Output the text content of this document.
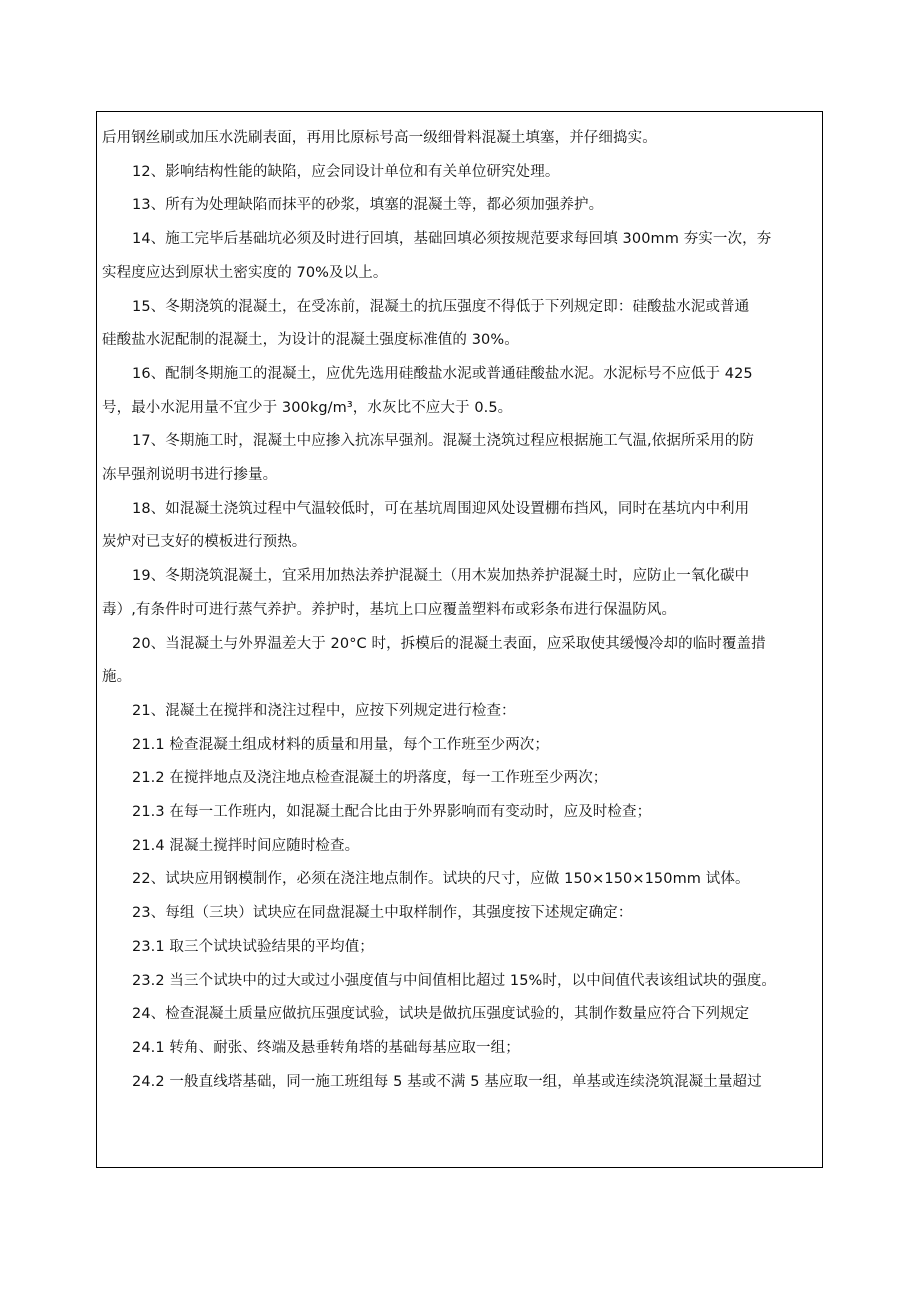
后用钢丝刷或加压水洗刷表面，再用比原标号高一级细骨料混凝土填塞，并仔细捣实。

12、影响结构性能的缺陷，应会同设计单位和有关单位研究处理。

13、所有为处理缺陷而抹平的砂浆，填塞的混凝土等，都必须加强养护。

14、施工完毕后基础坑必须及时进行回填，基础回填必须按规范要求每回填 300mm 夯实一次，夯

实程度应达到原状土密实度的 70%及以上。

15、冬期浇筑的混凝土，在受冻前，混凝土的抗压强度不得低于下列规定即：硅酸盐水泥或普通

硅酸盐水泥配制的混凝土，为设计的混凝土强度标准值的 30%。

16、配制冬期施工的混凝土，应优先选用硅酸盐水泥或普通硅酸盐水泥。水泥标号不应低于 425

号，最小水泥用量不宜少于 300kg/m³，水灰比不应大于 0.5。

17、冬期施工时，混凝土中应掺入抗冻早强剂。混凝土浇筑过程应根据施工气温,依据所采用的防

冻早强剂说明书进行掺量。

18、如混凝土浇筑过程中气温较低时，可在基坑周围迎风处设置棚布挡风，同时在基坑内中利用

炭炉对已支好的模板进行预热。

19、冬期浇筑混凝土，宜采用加热法养护混凝土（用木炭加热养护混凝土时，应防止一氧化碳中

毒）,有条件时可进行蒸气养护。养护时，基坑上口应覆盖塑料布或彩条布进行保温防风。

20、当混凝土与外界温差大于 20°C 时，拆模后的混凝土表面，应采取使其缓慢冷却的临时覆盖措

施。

21、混凝土在搅拌和浇注过程中，应按下列规定进行检查：

21.1 检查混凝土组成材料的质量和用量，每个工作班至少两次；

21.2 在搅拌地点及浇注地点检查混凝土的坍落度，每一工作班至少两次；

21.3 在每一工作班内，如混凝土配合比由于外界影响而有变动时，应及时检查；

21.4 混凝土搅拌时间应随时检查。

22、试块应用钢模制作，必须在浇注地点制作。试块的尺寸，应做 150×150×150mm 试体。

23、每组（三块）试块应在同盘混凝土中取样制作，其强度按下述规定确定：

23.1 取三个试块试验结果的平均值；

23.2 当三个试块中的过大或过小强度值与中间值相比超过 15%时，以中间值代表该组试块的强度。

24、检查混凝土质量应做抗压强度试验，试块是做抗压强度试验的，其制作数量应符合下列规定

24.1 转角、耐张、终端及悬垂转角塔的基础每基应取一组；

24.2 一般直线塔基础，同一施工班组每 5 基或不满 5 基应取一组，单基或连续浇筑混凝土量超过
